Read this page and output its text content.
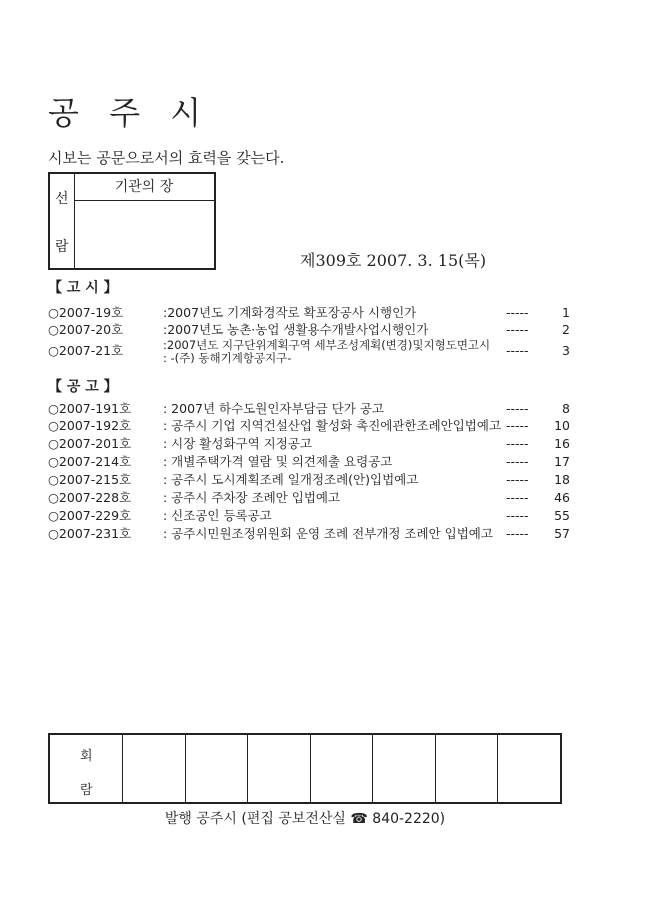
공 주 시
시보는 공문으로서의 효력을 갖는다.
선
람
기관의 장
제309호 2007. 3. 15(목)
【 고 시 】
○2007-19호	:2007년도 기계화경작로 확포장공사 시행인가	-----	1
○2007-20호	:2007년도 농촌·농업 생활용수개발사업시행인가	-----	2
○2007-21호	:2007년도 지구단위계획구역 세부조성계획(변경)및지형도면고시
: -(주) 동해기계항공지구-	-----	3
【 공 고 】
○2007-191호	: 2007년 하수도원인자부담금 단가 공고	-----	8
○2007-192호	: 공주시 기업 지역건설산업 활성화 촉진에관한조례안입법예고 ----- 10
○2007-201호	: 시장 활성화구역 지정공고	----- 16
○2007-214호	: 개별주택가격 열람 및 의견제출 요령공고	----- 17
○2007-215호	: 공주시 도시계획조례 일개정조례(안)입법예고	----- 18
○2007-228호	: 공주시 주차장 조례안 입법예고	----- 46
○2007-229호	: 신조공인 등록공고	----- 55
○2007-231호	: 공주시민원조정위원회 운영 조례 전부개정 조례안 입법예고 ----- 57
회
람
발행 공주시 (편집 공보전산실 ☎ 840-2220)
